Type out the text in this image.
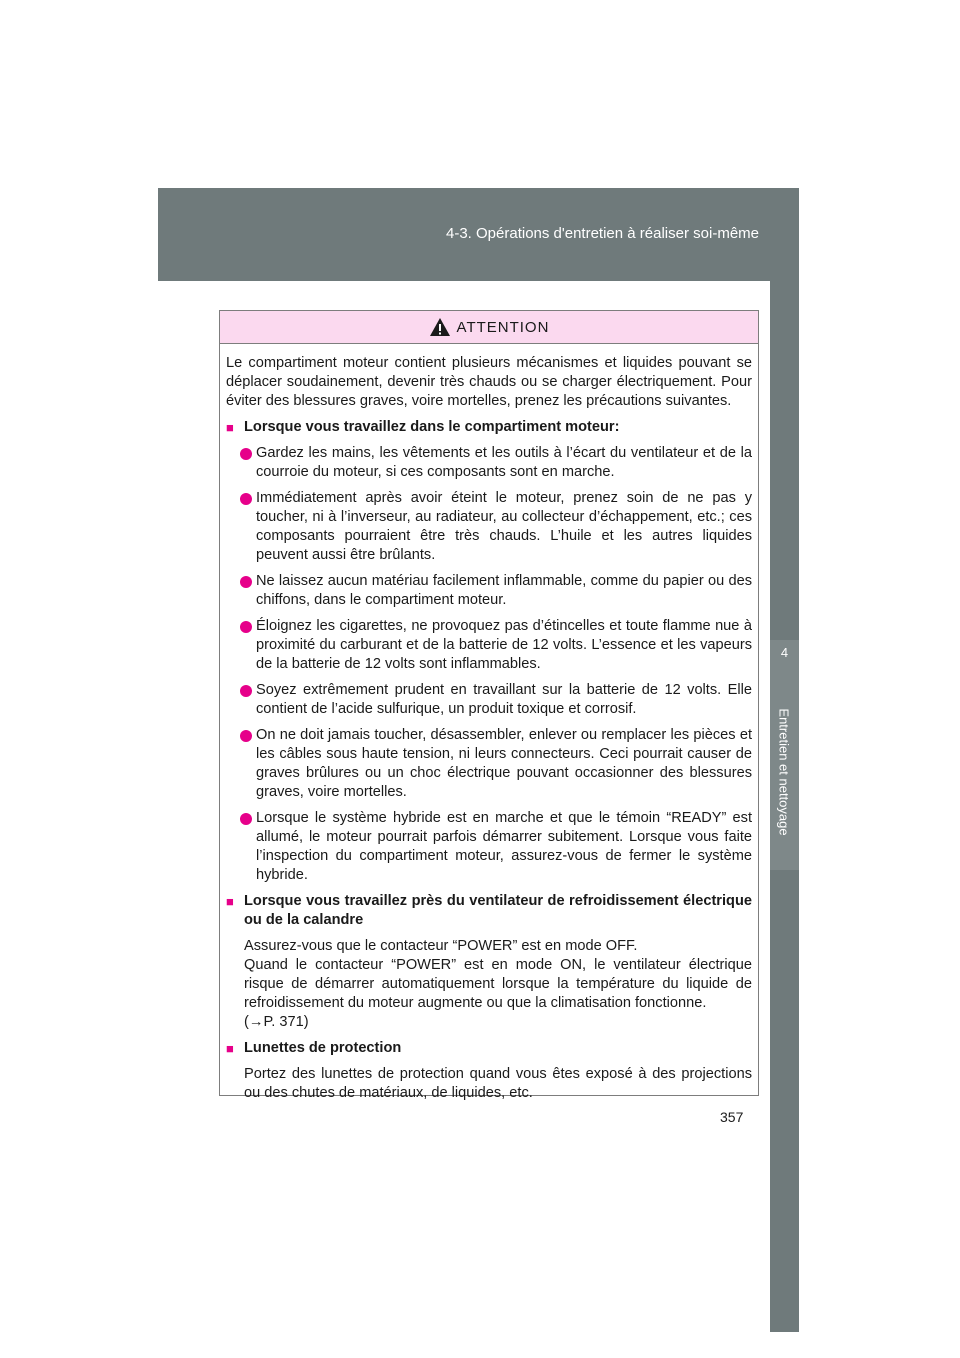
4-3. Opérations d'entretien à réaliser soi-même
4
Entretien et nettoyage
ATTENTION

Le compartiment moteur contient plusieurs mécanismes et liquides pouvant se déplacer soudainement, devenir très chauds ou se charger électriquement. Pour éviter des blessures graves, voire mortelles, prenez les précautions suivantes.

■ Lorsque vous travaillez dans le compartiment moteur:
Gardez les mains, les vêtements et les outils à l’écart du ventilateur et de la courroie du moteur, si ces composants sont en marche.
Immédiatement après avoir éteint le moteur, prenez soin de ne pas y toucher, ni à l’inverseur, au radiateur, au collecteur d’échappement, etc.; ces composants pourraient être très chauds. L’huile et les autres liquides peuvent aussi être brûlants.
Ne laissez aucun matériau facilement inflammable, comme du papier ou des chiffons, dans le compartiment moteur.
Éloignez les cigarettes, ne provoquez pas d’étincelles et toute flamme nue à proximité du carburant et de la batterie de 12 volts. L’essence et les vapeurs de la batterie de 12 volts sont inflammables.
Soyez extrêmement prudent en travaillant sur la batterie de 12 volts. Elle contient de l’acide sulfurique, un produit toxique et corrosif.
On ne doit jamais toucher, désassembler, enlever ou remplacer les pièces et les câbles sous haute tension, ni leurs connecteurs. Ceci pourrait causer de graves brûlures ou un choc électrique pouvant occasionner des blessures graves, voire mortelles.
Lorsque le système hybride est en marche et que le témoin “READY” est allumé, le moteur pourrait parfois démarrer subitement. Lorsque vous faite l’inspection du compartiment moteur, assurez-vous de fermer le système hybride.
■ Lorsque vous travaillez près du ventilateur de refroidissement électrique ou de la calandre
Assurez-vous que le contacteur “POWER” est en mode OFF.
Quand le contacteur “POWER” est en mode ON, le ventilateur électrique risque de démarrer automatiquement lorsque la température du liquide de refroidissement du moteur augmente ou que la climatisation fonctionne.
(→P. 371)
■ Lunettes de protection
Portez des lunettes de protection quand vous êtes exposé à des projections ou des chutes de matériaux, de liquides, etc.
357
